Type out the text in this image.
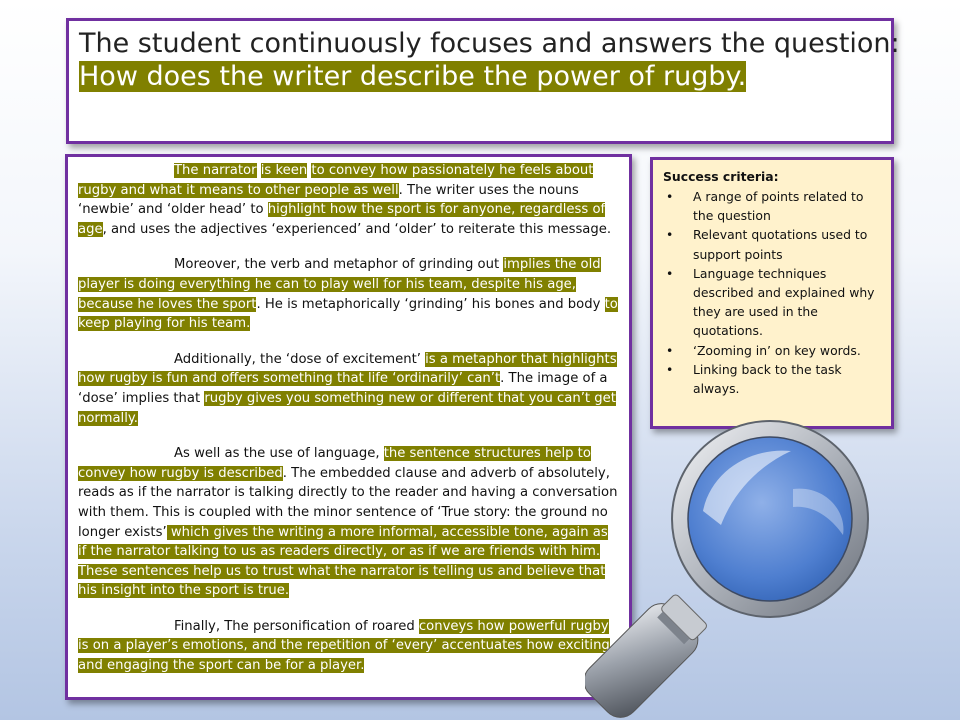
The student continuously focuses and answers the question:
How does the writer describe the power of rugby.

The narrator is keen to convey how passionately he feels about rugby and what it means to other people as well. The writer uses the nouns ‘newbie’ and ‘older head’ to highlight how the sport is for anyone, regardless of age, and uses the adjectives ‘experienced’ and ‘older’ to reiterate this message.

Moreover, the verb and metaphor of grinding out implies the old player is doing everything he can to play well for his team, despite his age, because he loves the sport. He is metaphorically ‘grinding’ his bones and body to keep playing for his team.

Additionally, the ‘dose of excitement’ is a metaphor that highlights how rugby is fun and offers something that life ‘ordinarily’ can’t. The image of a ‘dose’ implies that rugby gives you something new or different that you can’t get normally.

As well as the use of language, the sentence structures help to convey how rugby is described. The embedded clause and adverb of absolutely, reads as if the narrator is talking directly to the reader and having a conversation with them. This is coupled with the minor sentence of ‘True story: the ground no longer exists’ which gives the writing a more informal, accessible tone, again as if the narrator talking to us as readers directly, or as if we are friends with him. These sentences help us to trust what the narrator is telling us and believe that his insight into the sport is true.

Finally, The personification of roared conveys how powerful rugby is on a player’s emotions, and the repetition of ‘every’ accentuates how exciting and engaging the sport can be for a player.

Success criteria:
• A range of points related to the question
• Relevant quotations used to support points
• Language techniques described and explained why they are used in the quotations.
• ‘Zooming in’ on key words.
• Linking back to the task always.
